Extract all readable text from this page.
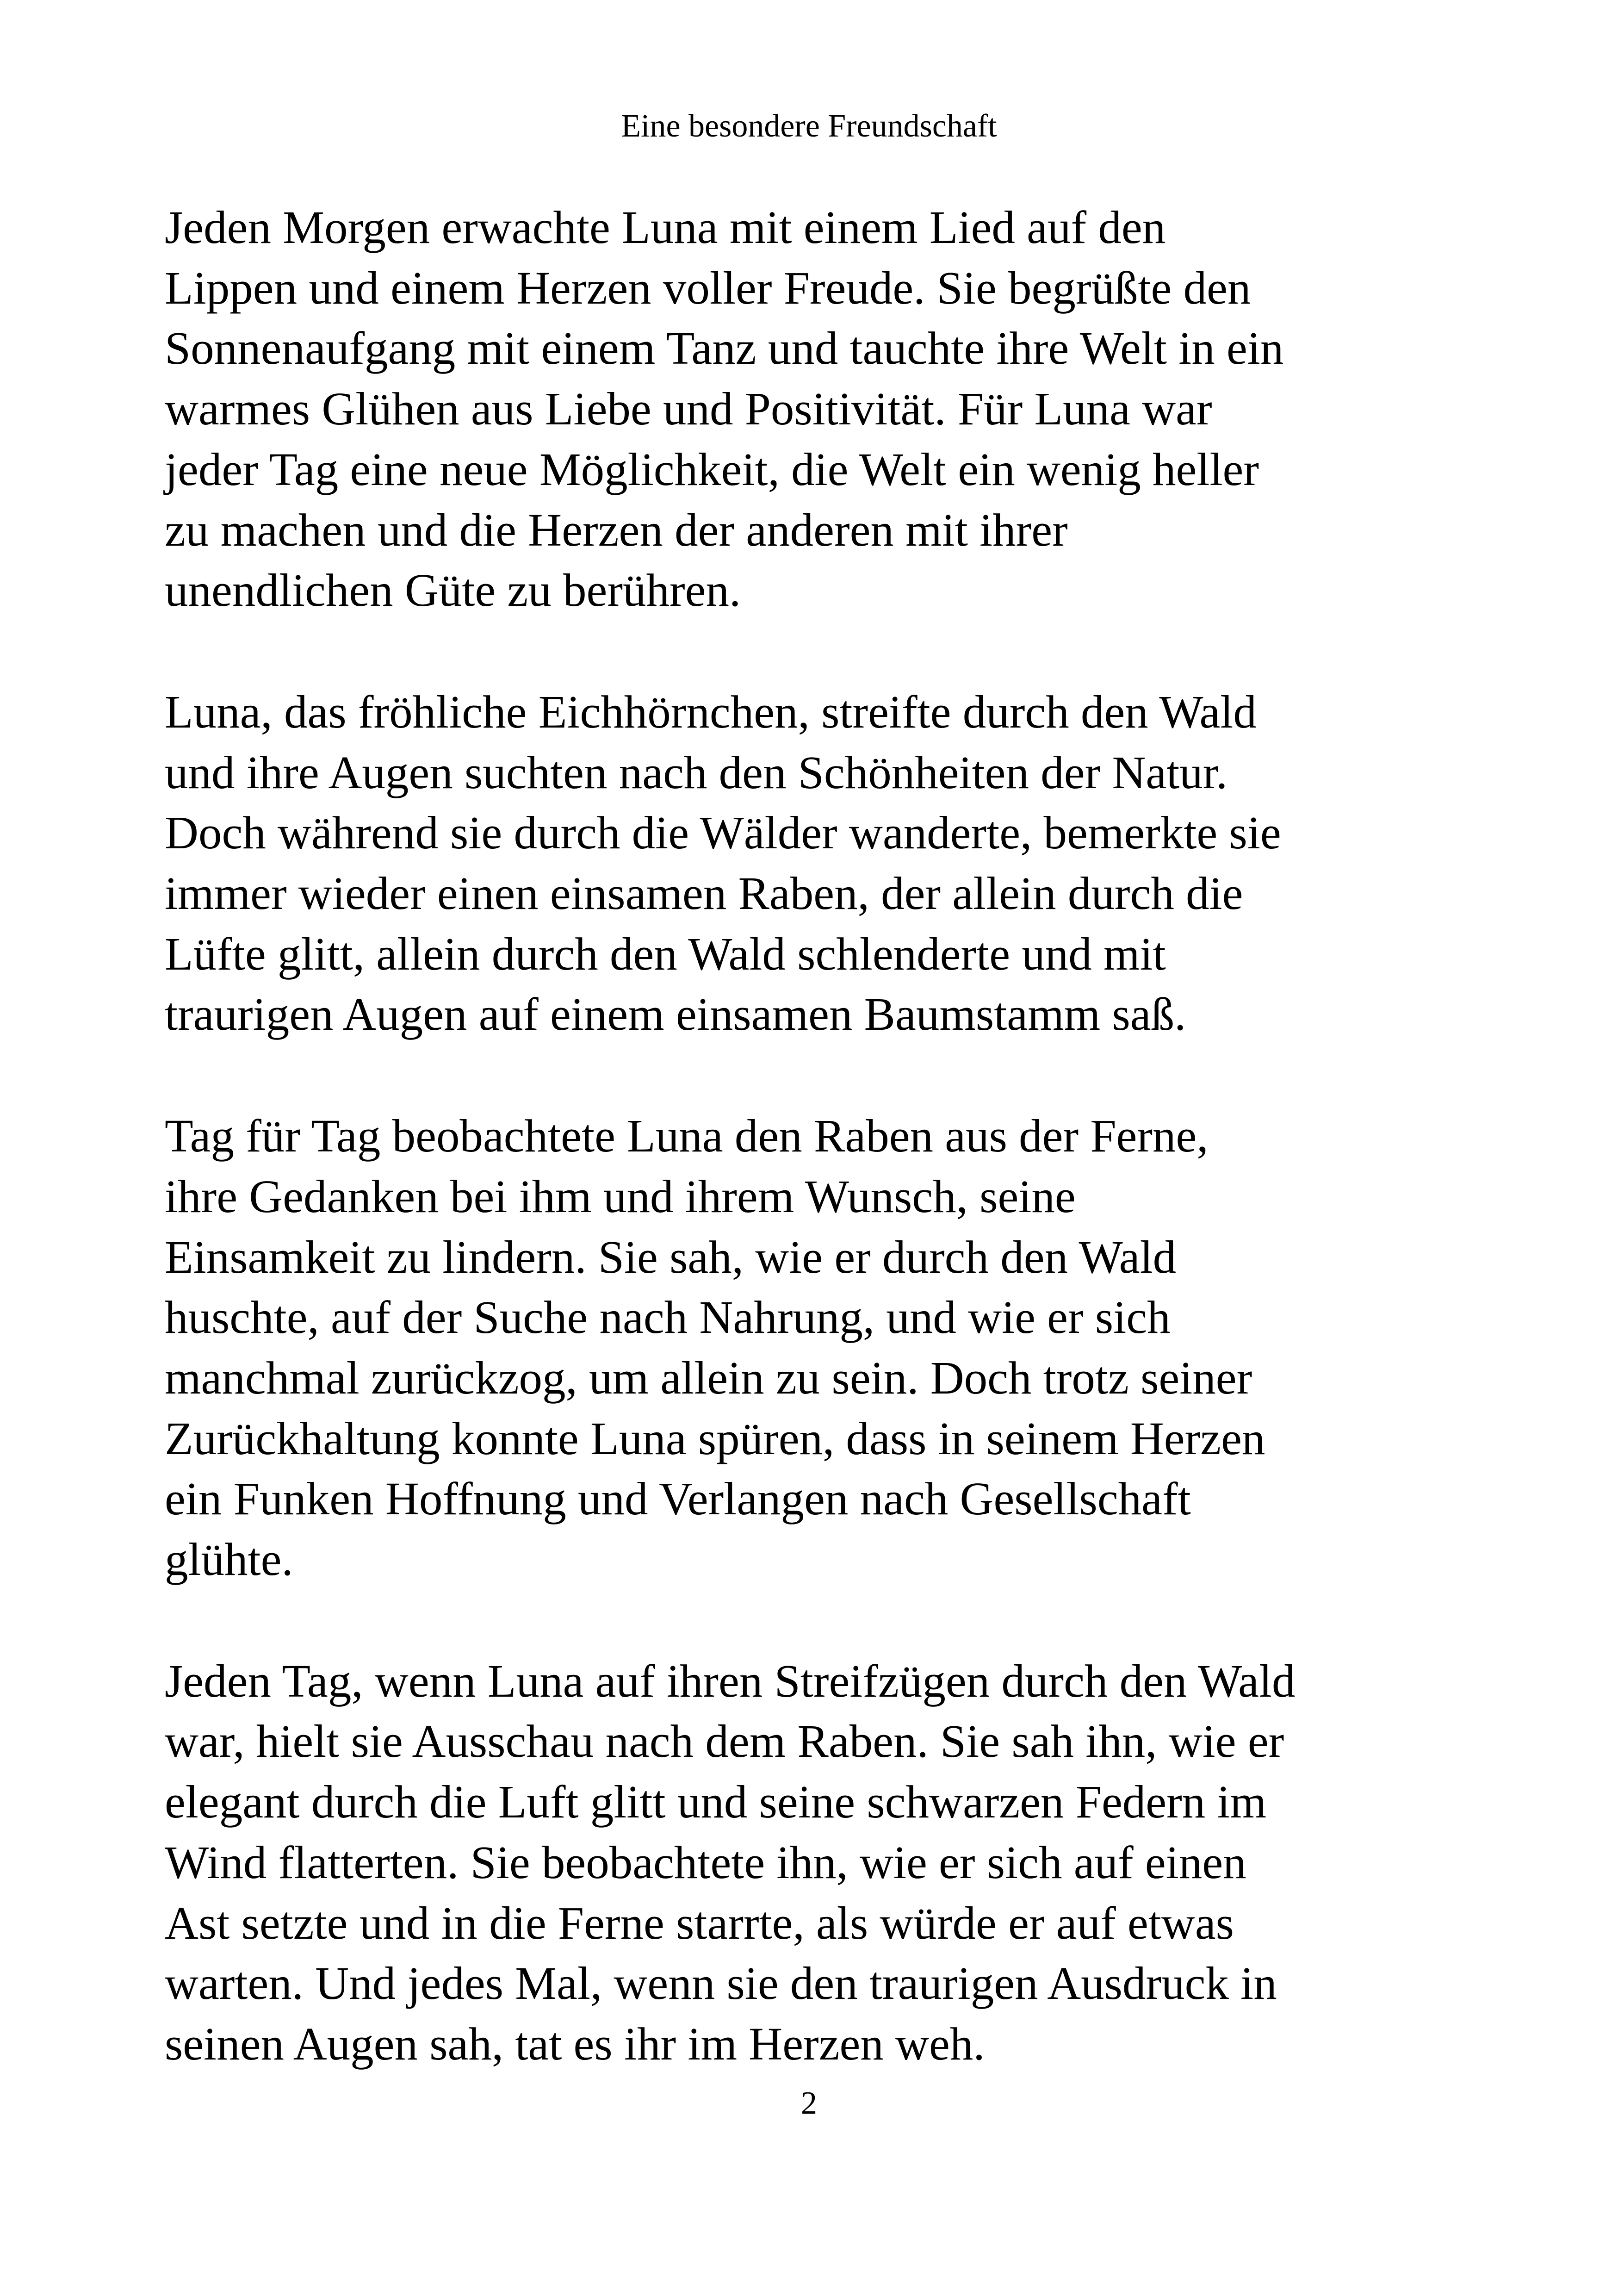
Eine besondere Freundschaft

Jeden Morgen erwachte Luna mit einem Lied auf den
Lippen und einem Herzen voller Freude. Sie begrüßte den
Sonnenaufgang mit einem Tanz und tauchte ihre Welt in ein
warmes Glühen aus Liebe und Positivität. Für Luna war
jeder Tag eine neue Möglichkeit, die Welt ein wenig heller
zu machen und die Herzen der anderen mit ihrer
unendlichen Güte zu berühren.

Luna, das fröhliche Eichhörnchen, streifte durch den Wald
und ihre Augen suchten nach den Schönheiten der Natur.
Doch während sie durch die Wälder wanderte, bemerkte sie
immer wieder einen einsamen Raben, der allein durch die
Lüfte glitt, allein durch den Wald schlenderte und mit
traurigen Augen auf einem einsamen Baumstamm saß.

Tag für Tag beobachtete Luna den Raben aus der Ferne,
ihre Gedanken bei ihm und ihrem Wunsch, seine
Einsamkeit zu lindern. Sie sah, wie er durch den Wald
huschte, auf der Suche nach Nahrung, und wie er sich
manchmal zurückzog, um allein zu sein. Doch trotz seiner
Zurückhaltung konnte Luna spüren, dass in seinem Herzen
ein Funken Hoffnung und Verlangen nach Gesellschaft
glühte.

Jeden Tag, wenn Luna auf ihren Streifzügen durch den Wald
war, hielt sie Ausschau nach dem Raben. Sie sah ihn, wie er
elegant durch die Luft glitt und seine schwarzen Federn im
Wind flatterten. Sie beobachtete ihn, wie er sich auf einen
Ast setzte und in die Ferne starrte, als würde er auf etwas
warten. Und jedes Mal, wenn sie den traurigen Ausdruck in
seinen Augen sah, tat es ihr im Herzen weh.

2
